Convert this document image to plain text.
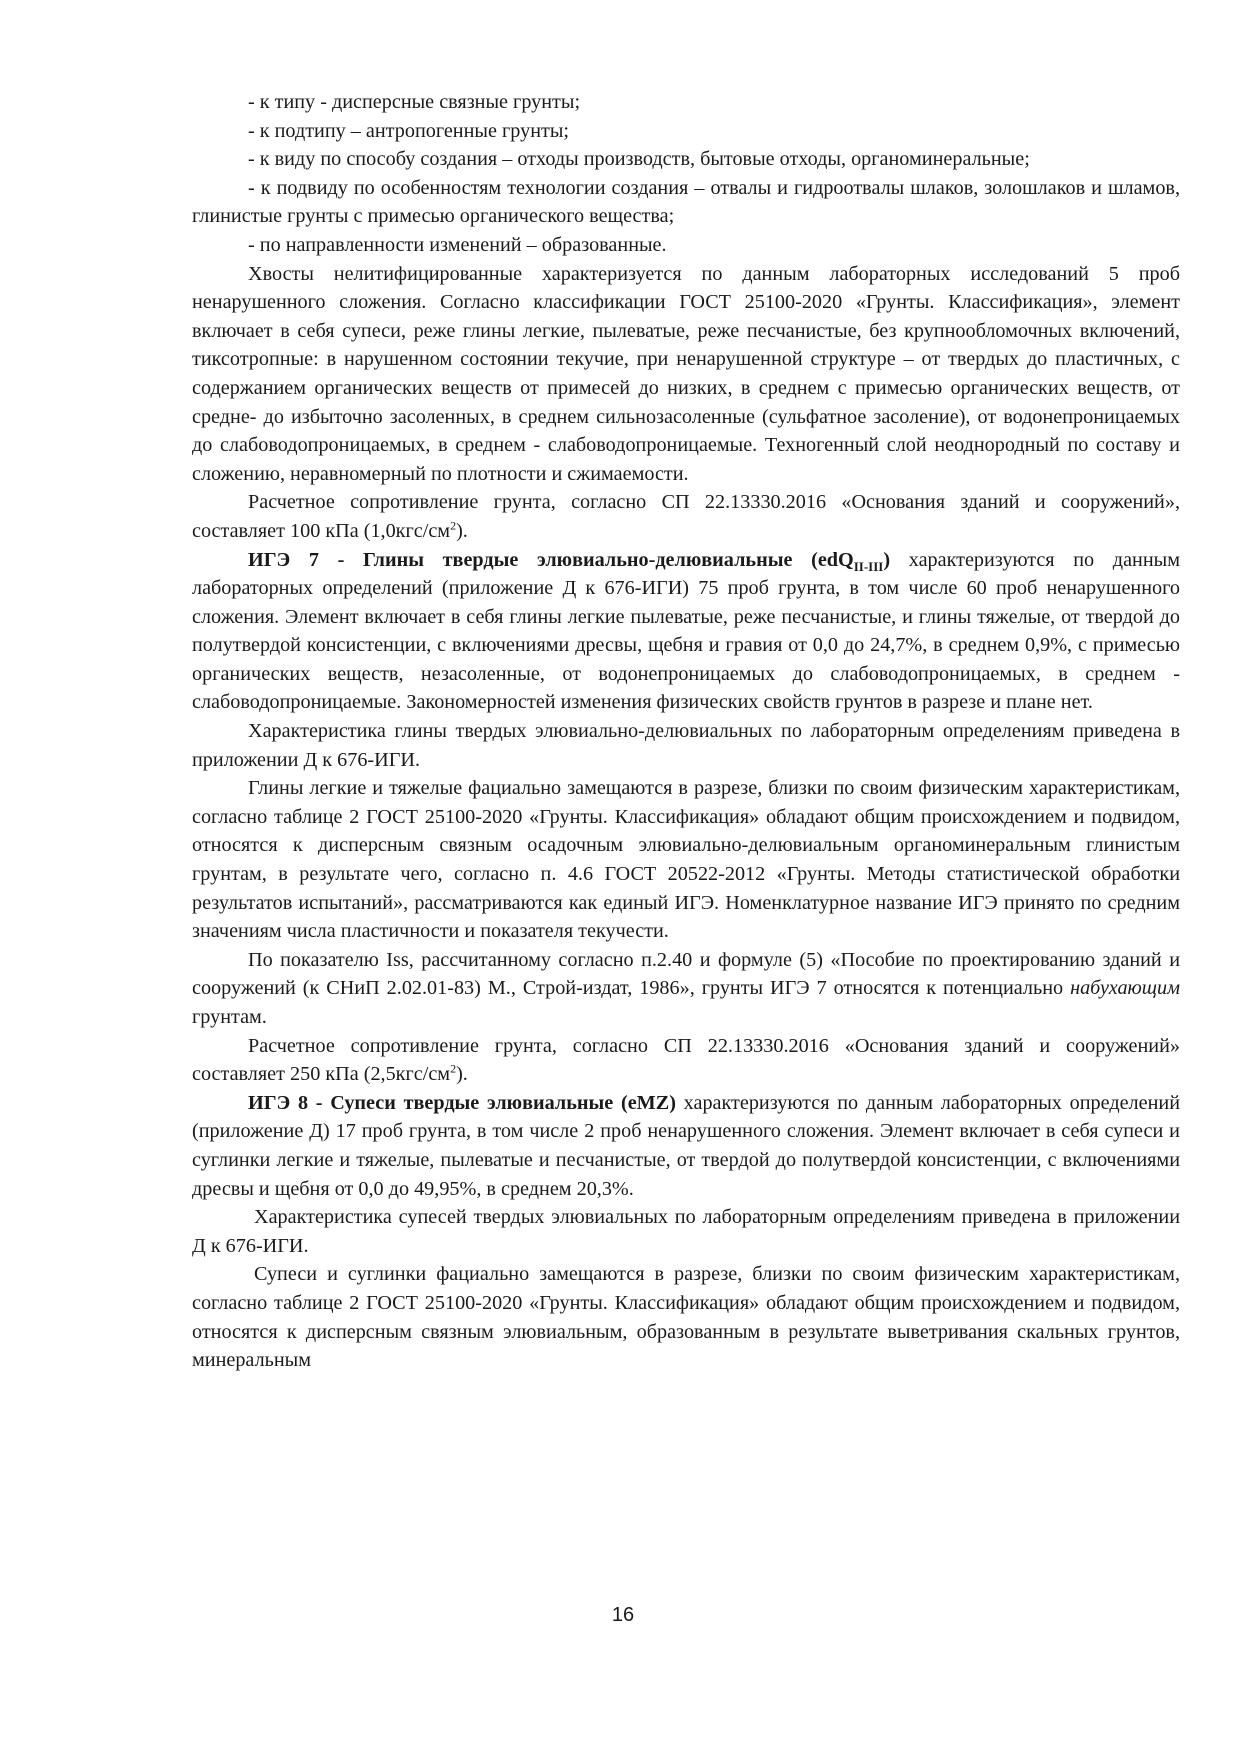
- к типу - дисперсные связные грунты;

- к подтипу – антропогенные грунты;

- к виду по способу создания – отходы производств, бытовые отходы, органоминеральные;

- к подвиду по особенностям технологии создания – отвалы и гидроотвалы шлаков, золошлаков и шламов, глинистые грунты с примесью органического вещества;

- по направленности изменений – образованные.

Хвосты нелитифицированные характеризуется по данным лабораторных исследований 5 проб ненарушенного сложения. Согласно классификации ГОСТ 25100-2020 «Грунты. Классификация», элемент включает в себя супеси, реже глины легкие, пылеватые, реже песчанистые, без крупнообломочных включений, тиксотропные: в нарушенном состоянии текучие, при ненарушенной структуре – от твердых до пластичных, с содержанием органических веществ от примесей до низких, в среднем с примесью органических веществ, от средне- до избыточно засоленных, в среднем сильнозасоленные (сульфатное засоление), от водонепроницаемых до слабоводопроницаемых, в среднем - слабоводопроницаемые. Техногенный слой неоднородный по составу и сложению, неравномерный по плотности и сжимаемости.

Расчетное сопротивление грунта, согласно СП 22.13330.2016 «Основания зданий и сооружений», составляет 100 кПа $(1,0кгс/см^2)$.

ИГЭ 7 - Глины твердые элювиально-делювиальные (edQ$_{II-III}$) характеризуются по данным лабораторных определений (приложение Д к 676-ИГИ) 75 проб грунта, в том числе 60 проб ненарушенного сложения. Элемент включает в себя глины легкие пылеватые, реже песчанистые, и глины тяжелые, от твердой до полутвердой консистенции, с включениями дресвы, щебня и гравия от 0,0 до 24,7%, в среднем 0,9%, с примесью органических веществ, незасоленные, от водонепроницаемых до слабоводопроницаемых, в среднем - слабоводопроницаемые. Закономерностей изменения физических свойств грунтов в разрезе и плане нет.

Характеристика глины твердых элювиально-делювиальных по лабораторным определениям приведена в приложении Д к 676-ИГИ.

Глины легкие и тяжелые фациально замещаются в разрезе, близки по своим физическим характеристикам, согласно таблице 2 ГОСТ 25100-2020 «Грунты. Классификация» обладают общим происхождением и подвидом, относятся к дисперсным связным осадочным элювиально-делювиальным органоминеральным глинистым грунтам, в результате чего, согласно п. 4.6 ГОСТ 20522-2012 «Грунты. Методы статистической обработки результатов испытаний», рассматриваются как единый ИГЭ. Номенклатурное название ИГЭ принято по средним значениям числа пластичности и показателя текучести.

По показателю Iss, рассчитанному согласно п.2.40 и формуле (5) «Пособие по проектированию зданий и сооружений (к СНиП 2.02.01-83) М., Строй-издат, 1986», грунты ИГЭ 7 относятся к потенциально набухающим грунтам.

Расчетное сопротивление грунта, согласно СП 22.13330.2016 «Основания зданий и сооружений» составляет 250 кПа $(2,5кгс/см^2)$.

ИГЭ 8 - Супеси твердые элювиальные (eMZ) характеризуются по данным лабораторных определений (приложение Д) 17 проб грунта, в том числе 2 проб ненарушенного сложения. Элемент включает в себя супеси и суглинки легкие и тяжелые, пылеватые и песчанистые, от твердой до полутвердой консистенции, с включениями дресвы и щебня от 0,0 до 49,95%, в среднем 20,3%.

Характеристика супесей твердых элювиальных по лабораторным определениям приведена в приложении Д к 676-ИГИ.

Супеси и суглинки фациально замещаются в разрезе, близки по своим физическим характеристикам, согласно таблице 2 ГОСТ 25100-2020 «Грунты. Классификация» обладают общим происхождением и подвидом, относятся к дисперсным связным элювиальным, образованным в результате выветривания скальных грунтов, минеральным

16
